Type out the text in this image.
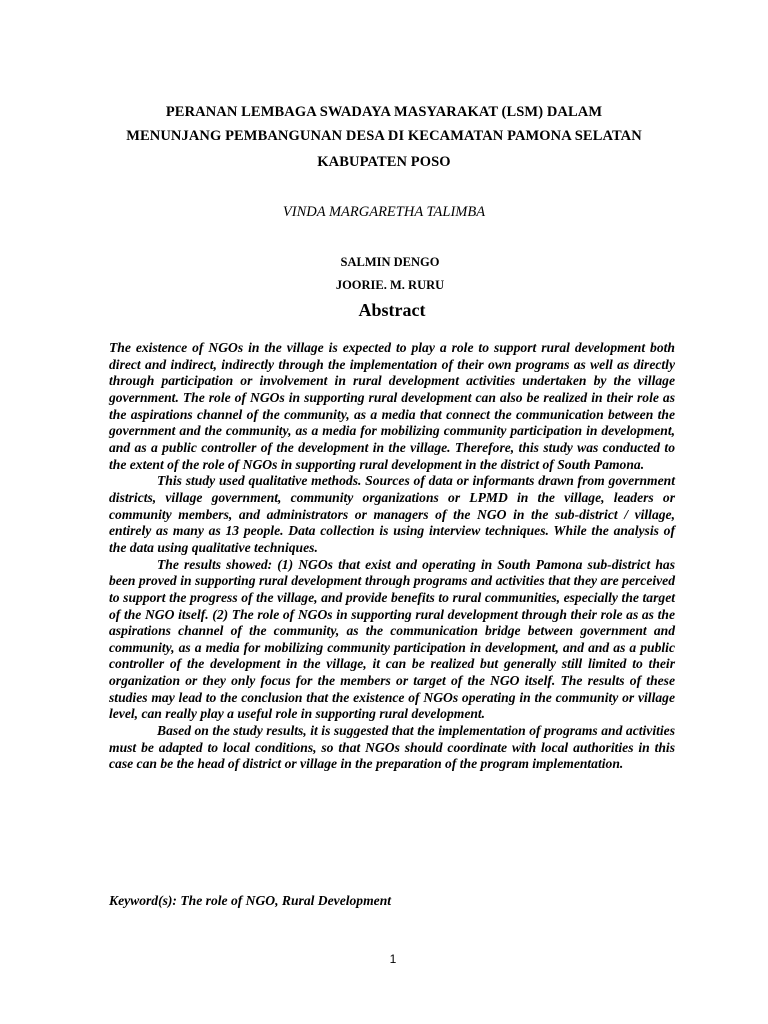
PERANAN LEMBAGA SWADAYA MASYARAKAT (LSM) DALAM
MENUNJANG PEMBANGUNAN DESA DI KECAMATAN PAMONA SELATAN
KABUPATEN POSO
VINDA MARGARETHA TALIMBA
SALMIN DENGO
JOORIE. M. RURU
Abstract

The existence of NGOs in the village is expected to play a role to support rural development both direct and indirect, indirectly through the implementation of their own programs as well as directly through participation or involvement in rural development activities undertaken by the village government. The role of NGOs in supporting rural development can also be realized in their role as the aspirations channel of the community, as a media that connect the communication between the government and the community, as a media for mobilizing community participation in development, and as a public controller of the development in the village. Therefore, this study was conducted to the extent of the role of NGOs in supporting rural development in the district of South Pamona.

This study used qualitative methods. Sources of data or informants drawn from government districts, village government, community organizations or LPMD in the village, leaders or community members, and administrators or managers of the NGO in the sub-district / village, entirely as many as 13 people. Data collection is using interview techniques. While the analysis of the data using qualitative techniques.

The results showed: (1) NGOs that exist and operating in South Pamona sub-district has been proved in supporting rural development through programs and activities that they are perceived to support the progress of the village, and provide benefits to rural communities, especially the target of the NGO itself. (2) The role of NGOs in supporting rural development through their role as as the aspirations channel of the community, as the communication bridge between government and community, as a media for mobilizing community participation in development, and and as a public controller of the development in the village, it can be realized but generally still limited to their organization or they only focus for the members or target of the NGO itself. The results of these studies may lead to the conclusion that the existence of NGOs operating in the community or village level, can really play a useful role in supporting rural development.

Based on the study results, it is suggested that the implementation of programs and activities must be adapted to local conditions, so that NGOs should coordinate with local authorities in this case can be the head of district or village in the preparation of the program implementation.

Keyword(s): The role of NGO, Rural Development
1
